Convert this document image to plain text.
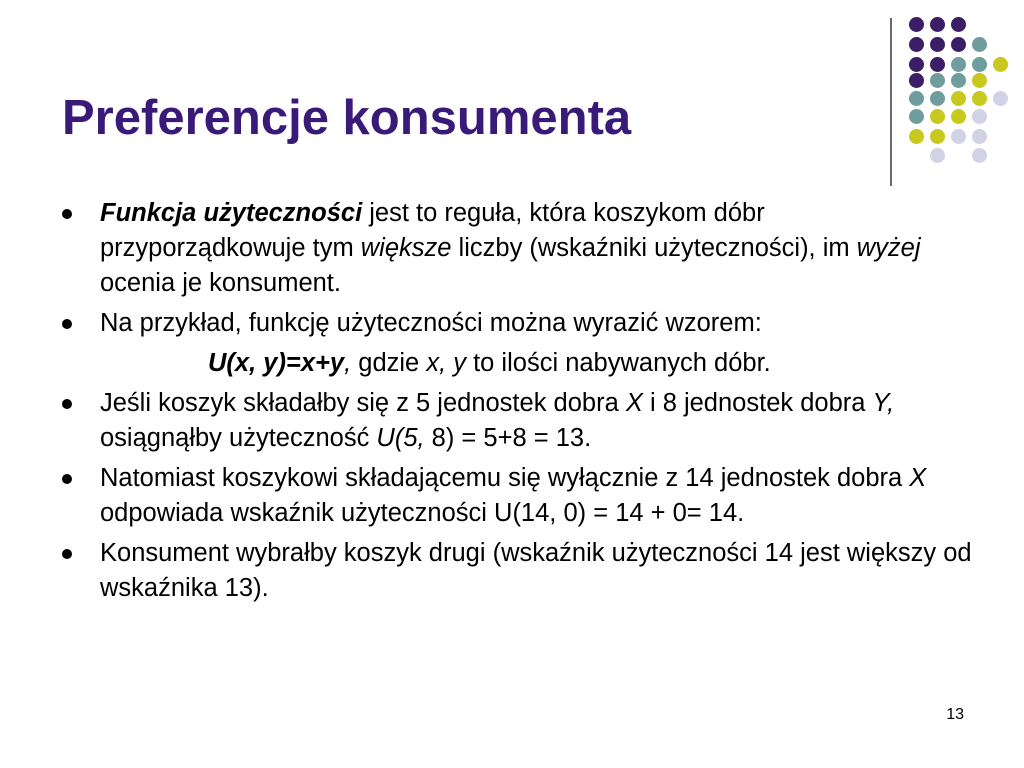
Preferencje konsumenta
Funkcja użyteczności jest to reguła, która koszykom dóbr przyporządkowuje tym większe liczby (wskaźniki użyteczności), im wyżej ocenia je konsument.
Na przykład, funkcję użyteczności można wyrazić wzorem:
U(x, y)=x+y, gdzie x, y to ilości nabywanych dóbr.
Jeśli koszyk składałby się z 5 jednostek dobra X i 8 jednostek dobra Y, osiągnąłby użyteczność U(5, 8) = 5+8 = 13.
Natomiast koszykowi składającemu się wyłącznie z 14 jednostek dobra X odpowiada wskaźnik użyteczności U(14, 0) = 14 + 0= 14.
Konsument wybrałby koszyk drugi (wskaźnik użyteczności 14 jest większy od wskaźnika 13).
13
